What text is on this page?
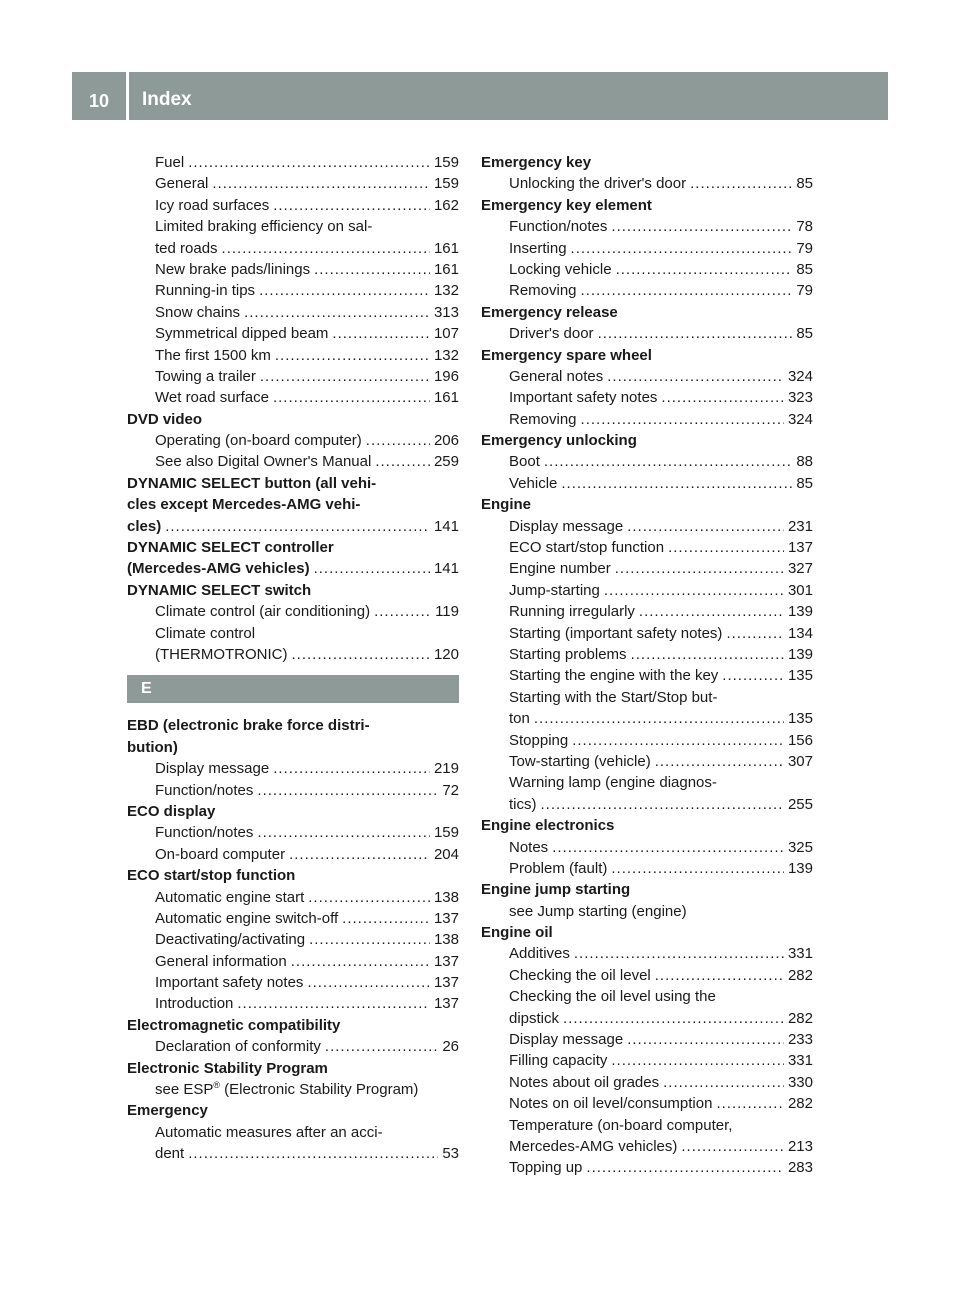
10	Index
Fuel .....	159
General .....	159
Icy road surfaces .....	162
Limited braking efficiency on sal-
ted roads .....	161
New brake pads/linings .....	161
Running-in tips .....	132
Snow chains .....	313
Symmetrical dipped beam .....	107
The first 1500 km .....	132
Towing a trailer .....	196
Wet road surface .....	161
DVD video
Operating (on-board computer) .....	206
See also Digital Owner's Manual .....	259
DYNAMIC SELECT button (all vehi-
cles except Mercedes-AMG vehi-
cles) .....	141
DYNAMIC SELECT controller
(Mercedes-AMG vehicles) .....	141
DYNAMIC SELECT switch
Climate control (air conditioning) .....	119
Climate control
(THERMOTRONIC) .....	120
E
EBD (electronic brake force distri-
bution)
Display message .....	219
Function/notes .....	72
ECO display
Function/notes .....	159
On-board computer .....	204
ECO start/stop function
Automatic engine start .....	138
Automatic engine switch-off .....	137
Deactivating/activating .....	138
General information .....	137
Important safety notes .....	137
Introduction .....	137
Electromagnetic compatibility
Declaration of conformity .....	26
Electronic Stability Program
see ESP® (Electronic Stability Program)
Emergency
Automatic measures after an acci-
dent .....	53
Emergency key
Unlocking the driver's door .....	85
Emergency key element
Function/notes .....	78
Inserting .....	79
Locking vehicle .....	85
Removing .....	79
Emergency release
Driver's door .....	85
Emergency spare wheel
General notes .....	324
Important safety notes .....	323
Removing .....	324
Emergency unlocking
Boot .....	88
Vehicle .....	85
Engine
Display message .....	231
ECO start/stop function .....	137
Engine number .....	327
Jump-starting .....	301
Running irregularly .....	139
Starting (important safety notes) .....	134
Starting problems .....	139
Starting the engine with the key .....	135
Starting with the Start/Stop but-
ton .....	135
Stopping .....	156
Tow-starting (vehicle) .....	307
Warning lamp (engine diagnos-
tics) .....	255
Engine electronics
Notes .....	325
Problem (fault) .....	139
Engine jump starting
see Jump starting (engine)
Engine oil
Additives .....	331
Checking the oil level .....	282
Checking the oil level using the
dipstick .....	282
Display message .....	233
Filling capacity .....	331
Notes about oil grades .....	330
Notes on oil level/consumption .....	282
Temperature (on-board computer,
Mercedes-AMG vehicles) .....	213
Topping up .....	283
